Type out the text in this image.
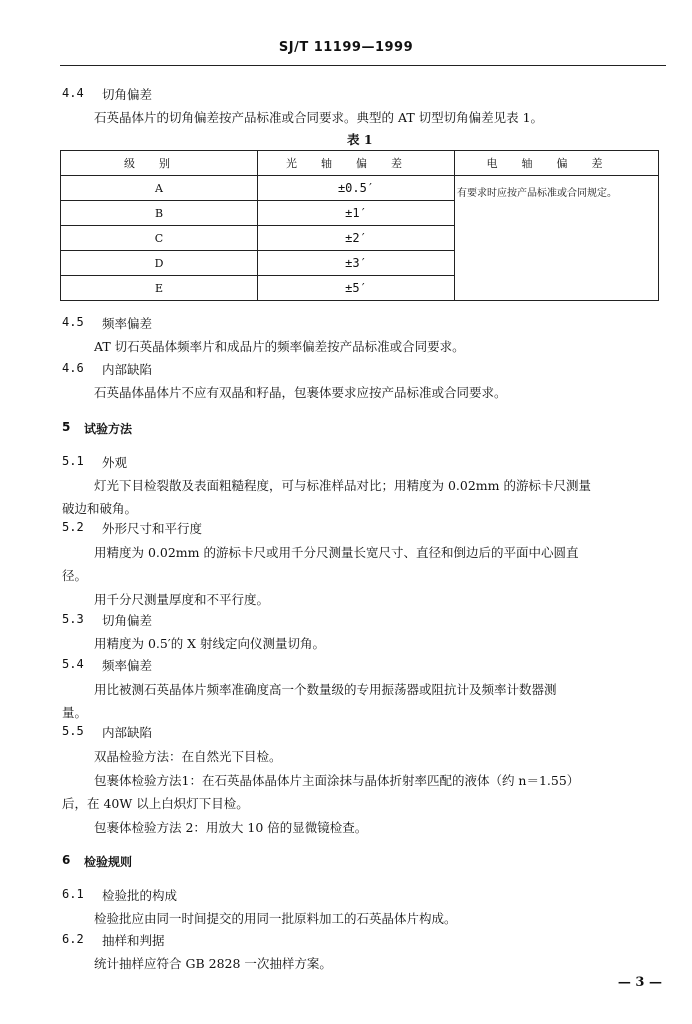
SJ/T 11199—1999
4.4 切角偏差
石英晶体片的切角偏差按产品标准或合同要求。典型的 AT 切型切角偏差见表 1。
表 1
级别	光轴偏差	电轴偏差
A	±0.5′	有要求时应按产品标准或合同规定。
B	±1′	
C	±2′	
D	±3′	
E	±5′	
4.5 频率偏差
AT 切石英晶体频率片和成品片的频率偏差按产品标准或合同要求。
4.6 内部缺陷
石英晶体晶体片不应有双晶和籽晶，包裹体要求应按产品标准或合同要求。
5 试验方法
5.1 外观
灯光下目检裂散及表面粗糙程度，可与标准样品对比；用精度为 0.02mm 的游标卡尺测量
破边和破角。
5.2 外形尺寸和平行度
用精度为 0.02mm 的游标卡尺或用千分尺测量长宽尺寸、直径和倒边后的平面中心圆直
径。
用千分尺测量厚度和不平行度。
5.3 切角偏差
用精度为 0.5′的 X 射线定向仪测量切角。
5.4 频率偏差
用比被测石英晶体片频率准确度高一个数量级的专用振荡器或阻抗计及频率计数器测
量。
5.5 内部缺陷
双晶检验方法：在自然光下目检。
包裹体检验方法1：在石英晶体晶体片主面涂抹与晶体折射率匹配的液体（约 n＝1.55）
后，在 40W 以上白炽灯下目检。
包裹体检验方法 2：用放大 10 倍的显微镜检查。
6 检验规则
6.1 检验批的构成
检验批应由同一时间提交的用同一批原料加工的石英晶体片构成。
6.2 抽样和判据
统计抽样应符合 GB 2828 一次抽样方案。
— 3 —
